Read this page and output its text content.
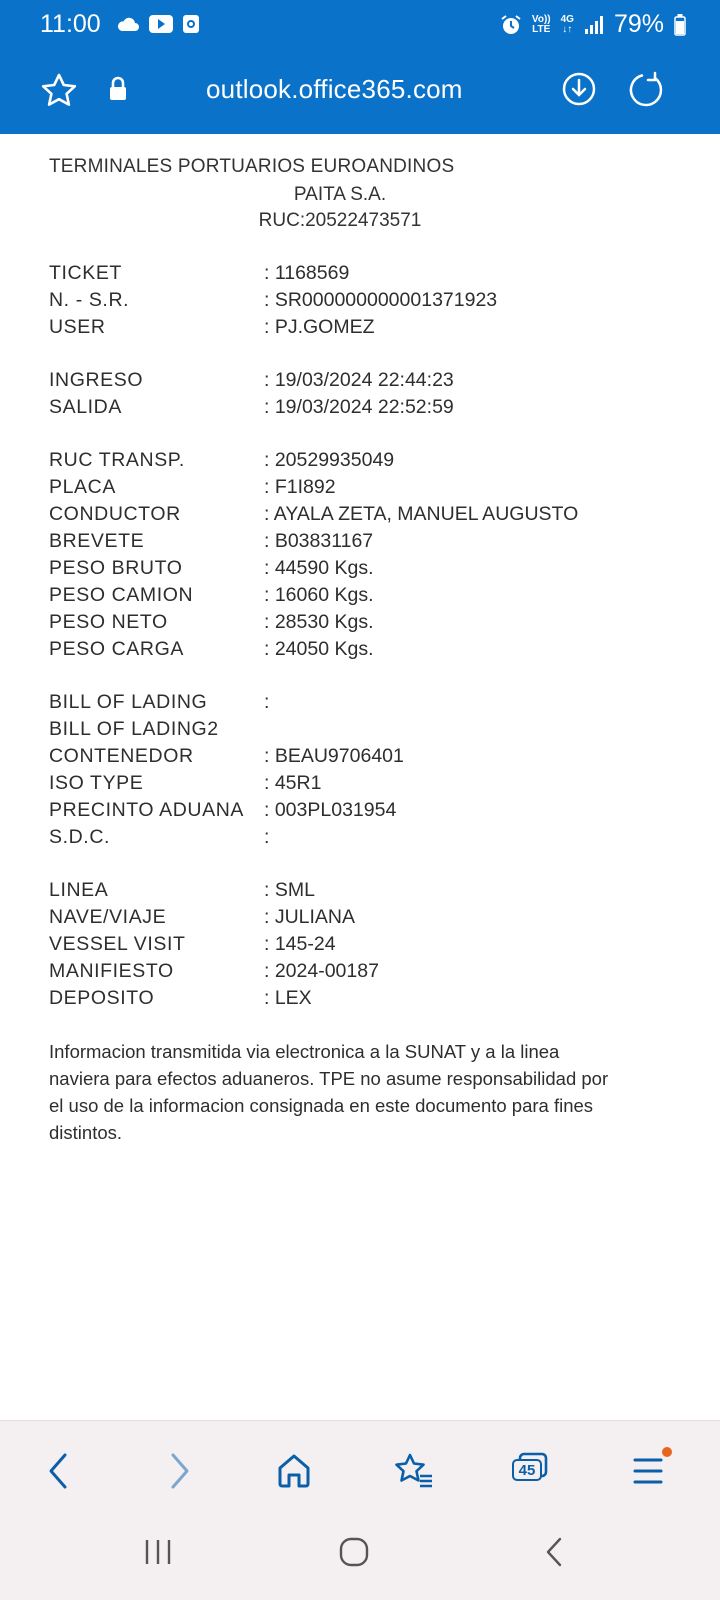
11:00	Vo))
LTE
4G
↓↑ 79%
outlook.office365.com
TERMINALES PORTUARIOS EUROANDINOS
PAITA S.A.
RUC:20522473571
TICKET	: 1168569
N. - S.R.	: SR000000000001371923
USER	: PJ.GOMEZ
INGRESO	: 19/03/2024 22:44:23
SALIDA	: 19/03/2024 22:52:59
RUC TRANSP.	: 20529935049
PLACA	: F1I892
CONDUCTOR	: AYALA ZETA, MANUEL AUGUSTO
BREVETE	: B03831167
PESO BRUTO	: 44590 Kgs.
PESO CAMION	: 16060 Kgs.
PESO NETO	: 28530 Kgs.
PESO CARGA	: 24050 Kgs.
BILL OF LADING	:
BILL OF LADING2
CONTENEDOR	: BEAU9706401
ISO TYPE	: 45R1
PRECINTO ADUANA	: 003PL031954
S.D.C.	:
LINEA	: SML
NAVE/VIAJE	: JULIANA
VESSEL VISIT	: 145-24
MANIFIESTO	: 2024-00187
DEPOSITO	: LEX
Informacion transmitida via electronica a la SUNAT y a la linea naviera para efectos aduaneros. TPE no asume responsabilidad por el uso de la informacion consignada en este documento para fines distintos.
45
